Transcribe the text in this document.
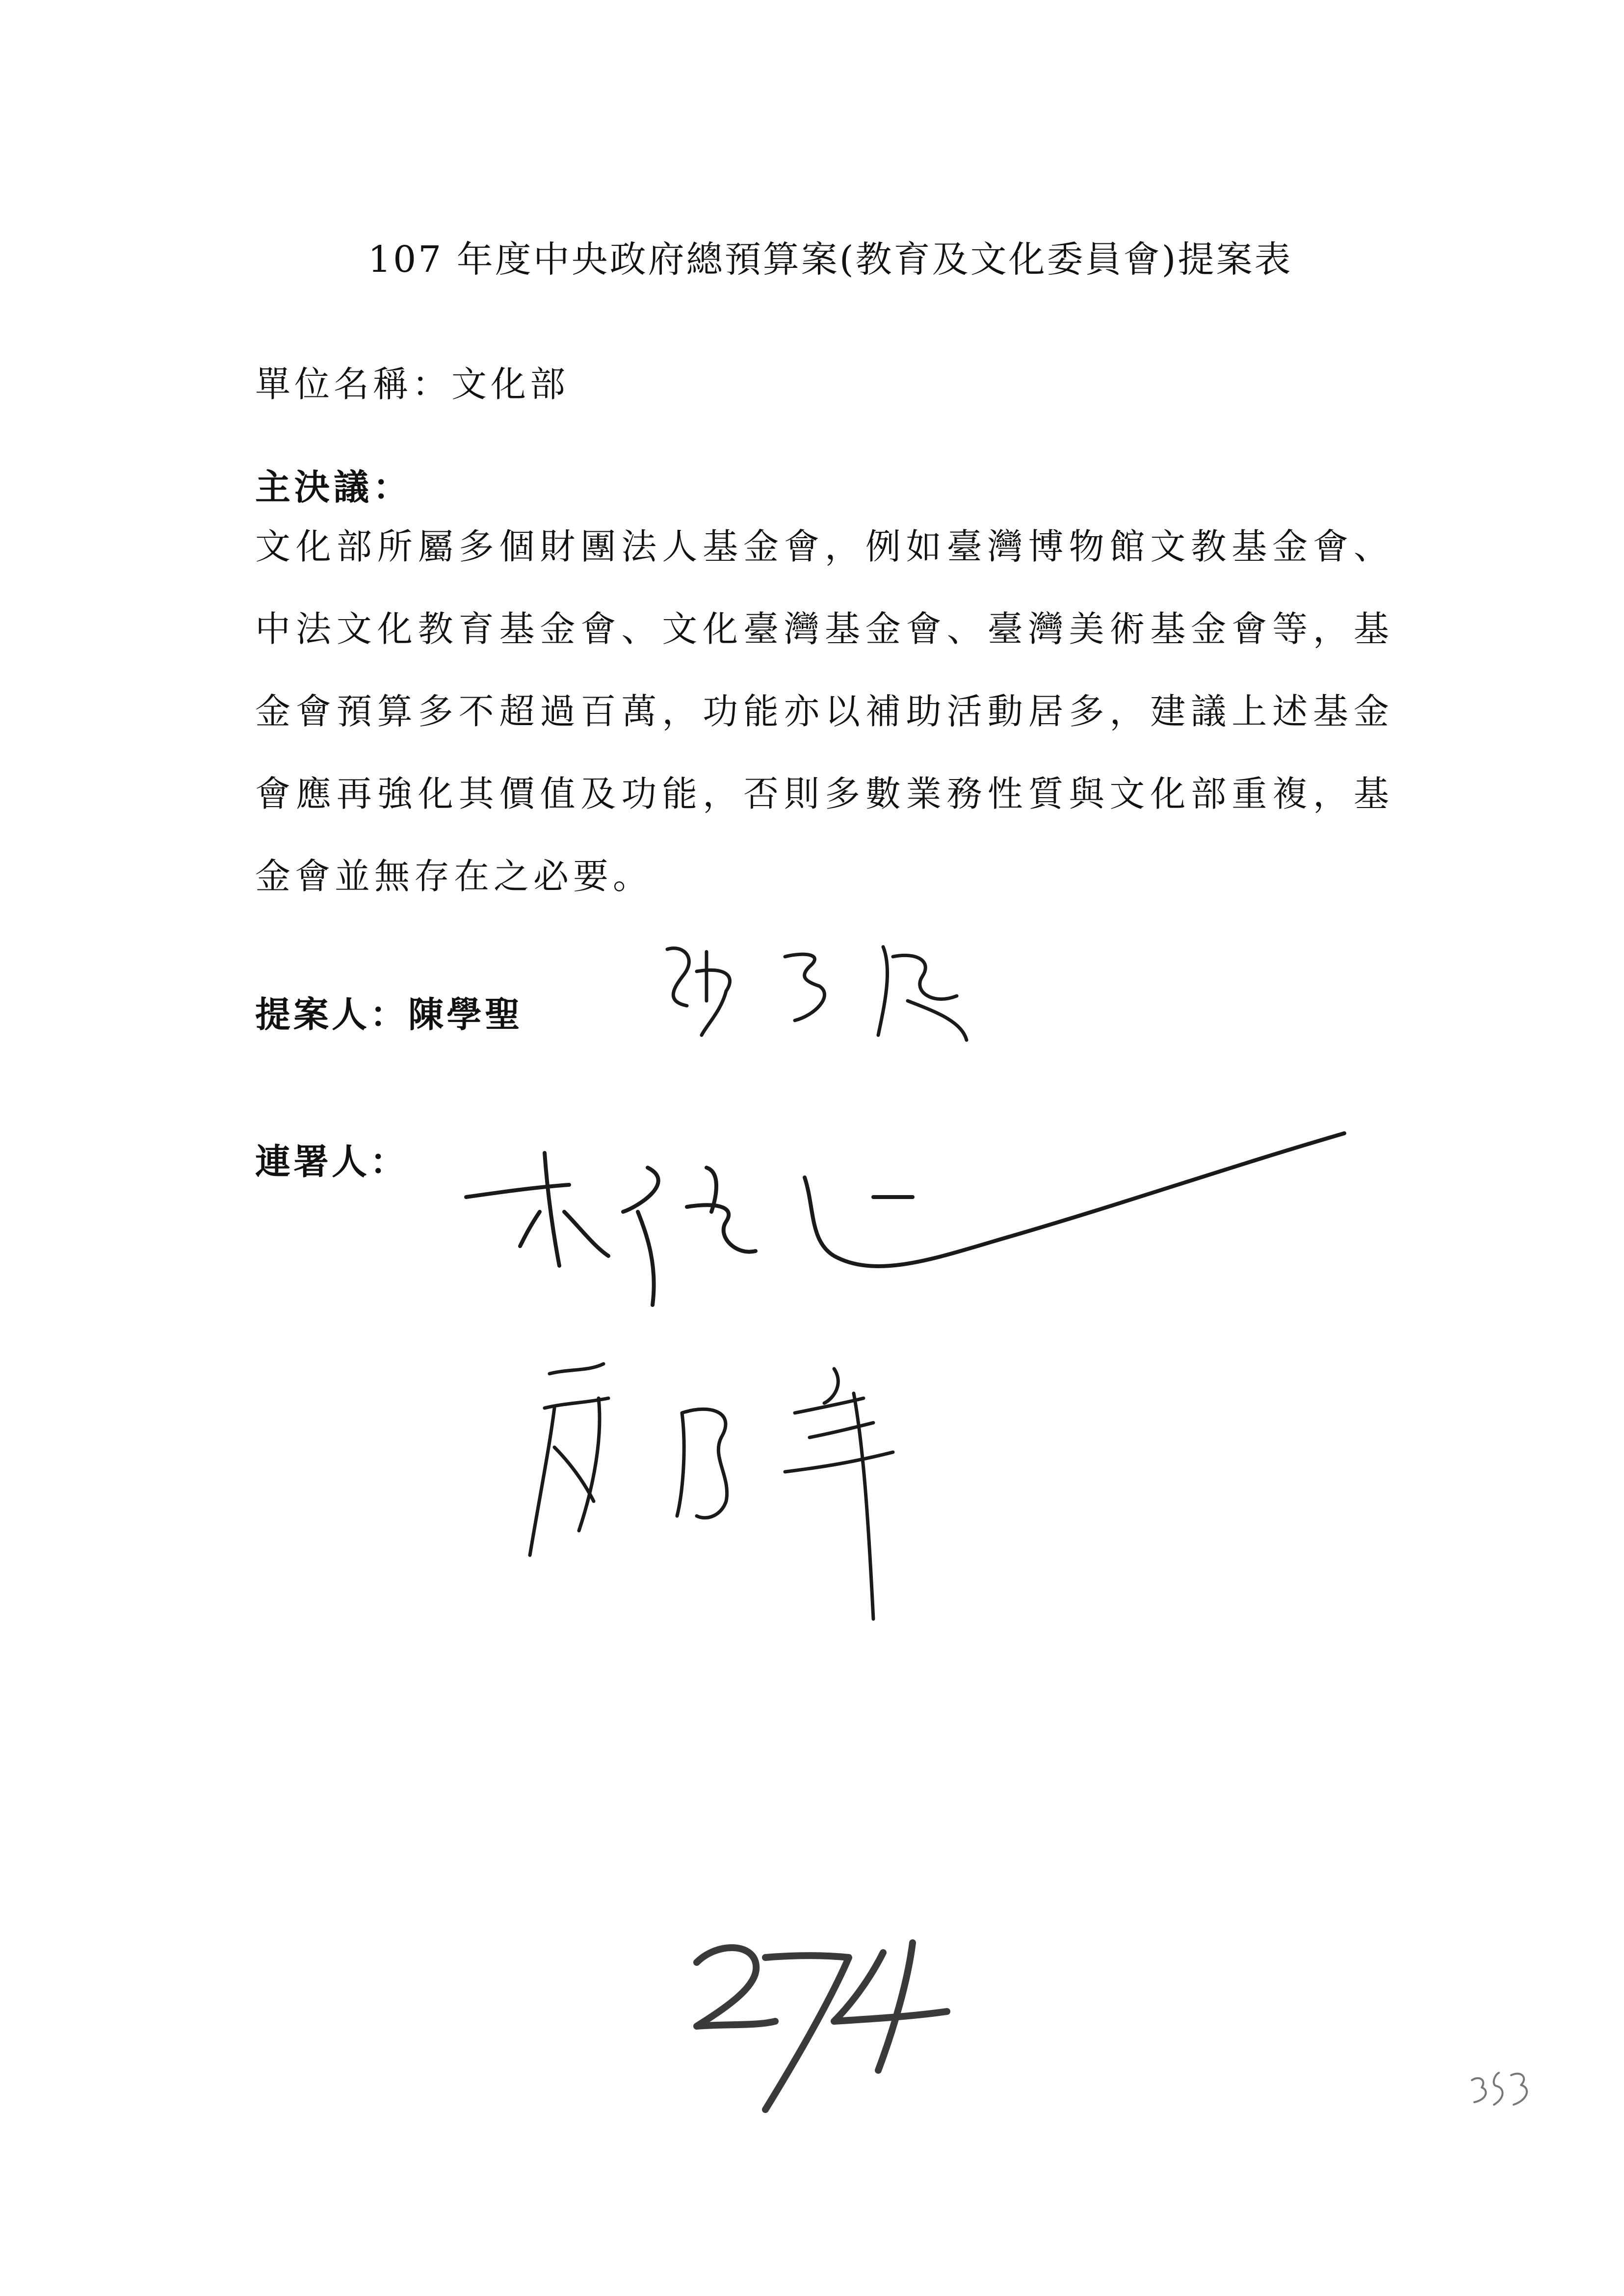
107 年度中央政府總預算案(教育及文化委員會)提案表
單位名稱：文化部
主決議：
文化部所屬多個財團法人基金會，例如臺灣博物館文教基金會、中法文化教育基金會、文化臺灣基金會、臺灣美術基金會等，基金會預算多不超過百萬，功能亦以補助活動居多，建議上述基金會應再強化其價值及功能，否則多數業務性質與文化部重複，基金會並無存在之必要。
提案人：陳學聖
連署人：
